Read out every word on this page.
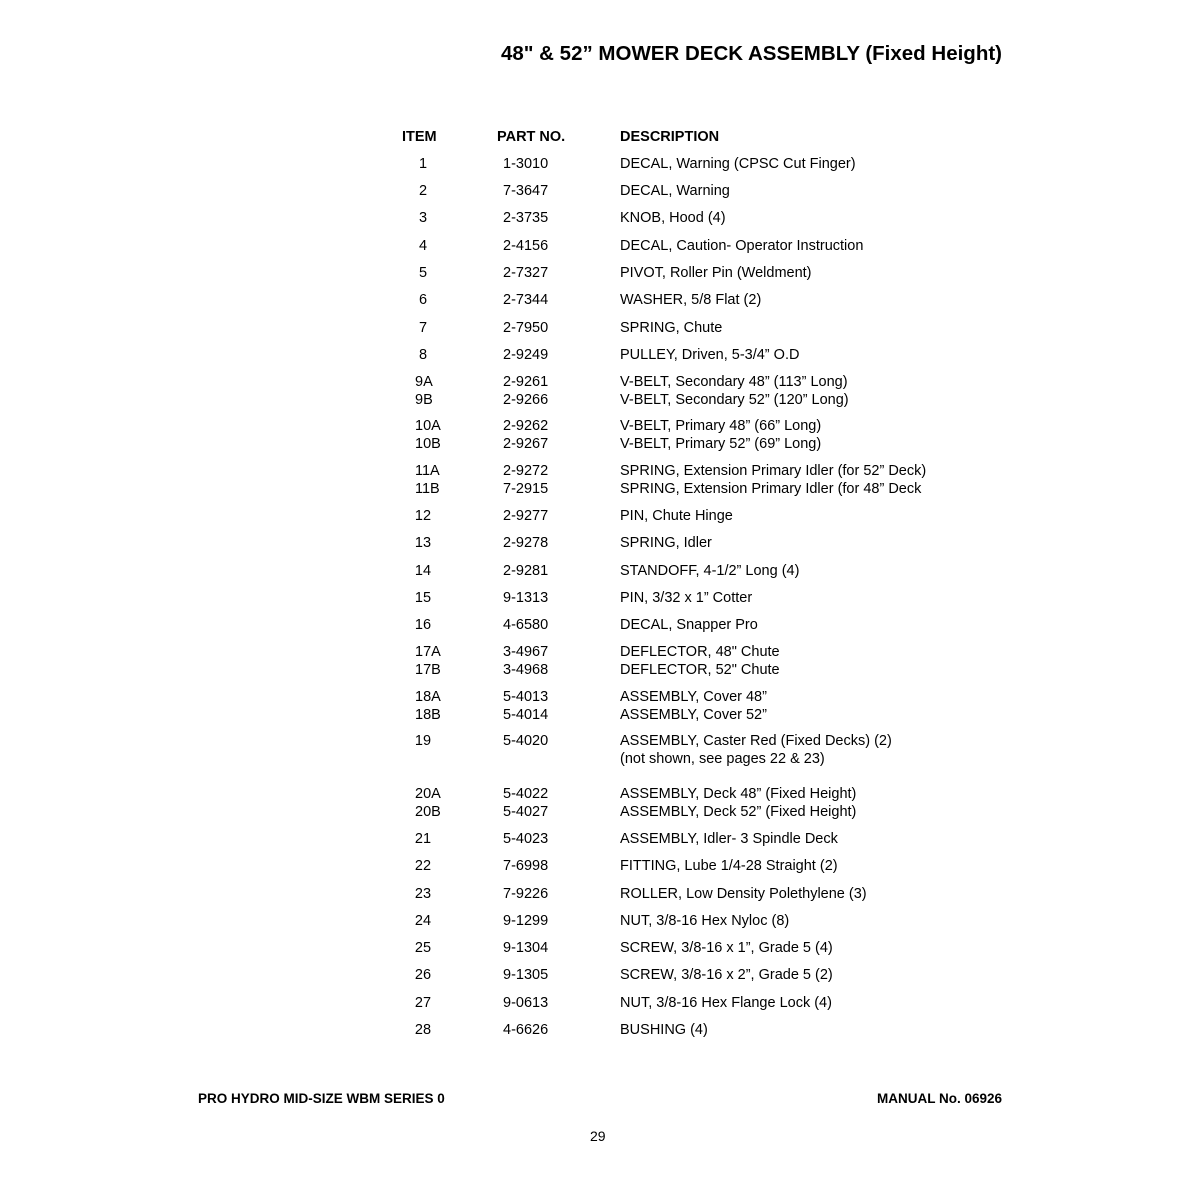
48" & 52” MOWER DECK ASSEMBLY (Fixed Height)
ITEM	PART NO.	DESCRIPTION
1	1-3010	DECAL, Warning (CPSC Cut Finger)
2	7-3647	DECAL, Warning
3	2-3735	KNOB, Hood (4)
4	2-4156	DECAL, Caution- Operator Instruction
5	2-7327	PIVOT, Roller Pin (Weldment)
6	2-7344	WASHER, 5/8 Flat (2)
7	2-7950	SPRING, Chute
8	2-9249	PULLEY, Driven, 5-3/4” O.D
9A	2-9261	V-BELT, Secondary 48” (113” Long)
9B	2-9266	V-BELT, Secondary 52” (120” Long)
10A	2-9262	V-BELT, Primary 48” (66” Long)
10B	2-9267	V-BELT, Primary 52” (69” Long)
11A	2-9272	SPRING, Extension Primary Idler (for 52” Deck)
11B	7-2915	SPRING, Extension Primary Idler (for 48” Deck
12	2-9277	PIN, Chute Hinge
13	2-9278	SPRING, Idler
14	2-9281	STANDOFF, 4-1/2” Long (4)
15	9-1313	PIN, 3/32 x 1” Cotter
16	4-6580	DECAL, Snapper Pro
17A	3-4967	DEFLECTOR, 48" Chute
17B	3-4968	DEFLECTOR, 52" Chute
18A	5-4013	ASSEMBLY, Cover 48”
18B	5-4014	ASSEMBLY, Cover 52”
19	5-4020	ASSEMBLY, Caster Red (Fixed Decks) (2)
(not shown, see pages 22 & 23)
20A	5-4022	ASSEMBLY, Deck 48” (Fixed Height)
20B	5-4027	ASSEMBLY, Deck 52” (Fixed Height)
21	5-4023	ASSEMBLY, Idler- 3 Spindle Deck
22	7-6998	FITTING, Lube 1/4-28 Straight (2)
23	7-9226	ROLLER, Low Density Polethylene (3)
24	9-1299	NUT, 3/8-16 Hex Nyloc (8)
25	9-1304	SCREW, 3/8-16 x 1”, Grade 5 (4)
26	9-1305	SCREW, 3/8-16 x 2”, Grade 5 (2)
27	9-0613	NUT, 3/8-16 Hex Flange Lock (4)
28	4-6626	BUSHING (4)
PRO HYDRO MID-SIZE WBM SERIES 0	MANUAL No. 06926
29
